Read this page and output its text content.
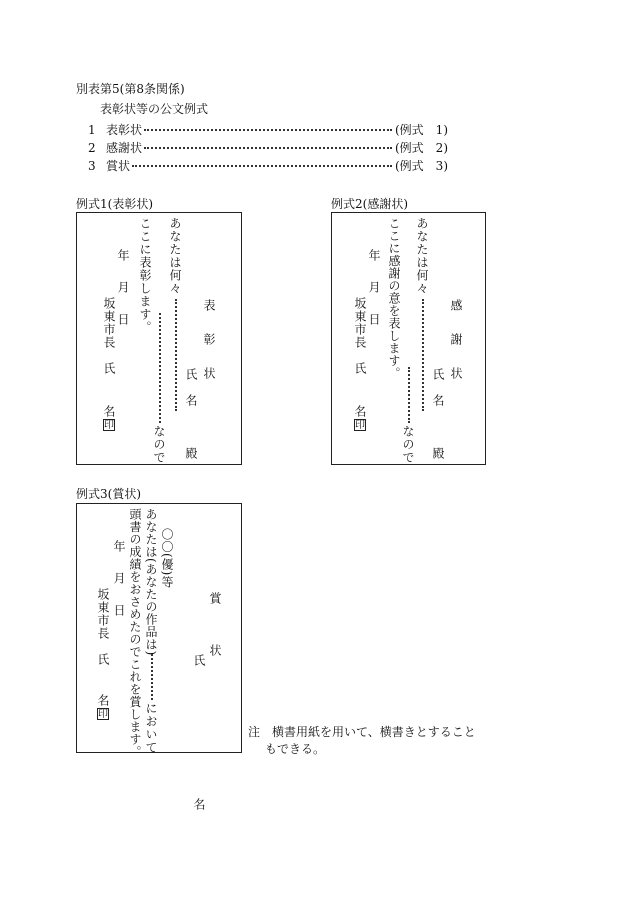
別表第5(第8条関係)
表彰状等の公文例式
1 表彰状	(例式　1)
2 感謝状	(例式　2)
3 賞状	(例式　3)
例式1(表彰状)
表彰状
氏　名
殿
あなたは何々
なので
ここに表彰します。
年　月　日
坂東市長　氏
名
印
例式2(感謝状)
感謝状
氏　名
殿
あなたは何々
なので
ここに感謝の意を表します。
年　月　日
坂東市長　氏
名
印
例式3(賞状)
賞状
氏　名
〇〇(優)等
あなたは(あなたの作品は)
において
頭書の成績をおさめたのでこれを賞します。
年　月　日
坂東市長　氏
名
印
注　横書用紙を用いて、横書きとすること
もできる。
